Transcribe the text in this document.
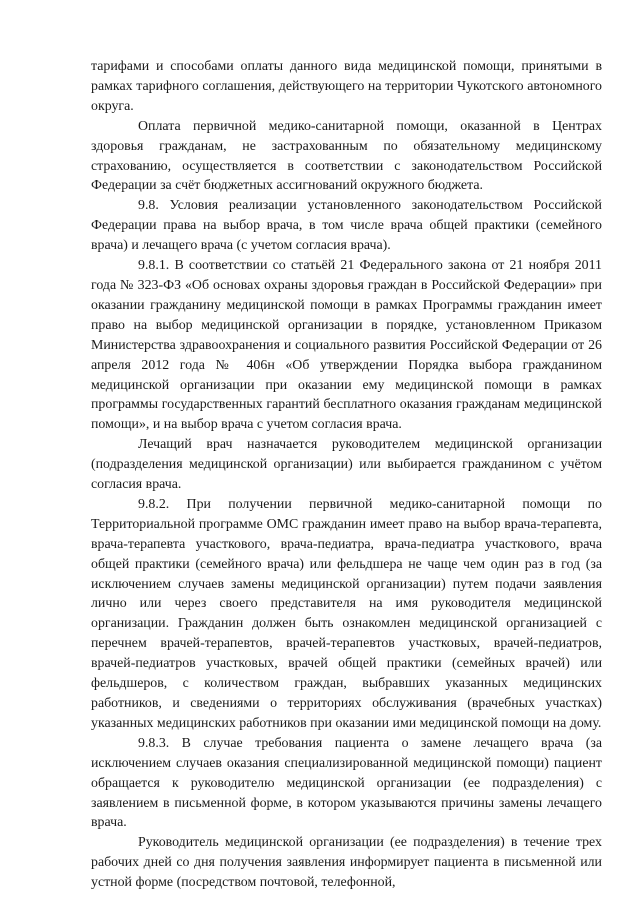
тарифами и способами оплаты данного вида медицинской помощи, принятыми в рамках тарифного соглашения, действующего на территории Чукотского автономного округа.

Оплата первичной медико-санитарной помощи, оказанной в Центрах здоровья гражданам, не застрахованным по обязательному медицинскому страхованию, осуществляется в соответствии с законодательством Российской Федерации за счёт бюджетных ассигнований окружного бюджета.

9.8. Условия реализации установленного законодательством Российской Федерации права на выбор врача, в том числе врача общей практики (семейного врача) и лечащего врача (с учетом согласия врача).

9.8.1. В соответствии со статьёй 21 Федерального закона от 21 ноября 2011 года № 323-ФЗ «Об основах охраны здоровья граждан в Российской Федерации» при оказании гражданину медицинской помощи в рамках Программы гражданин имеет право на выбор медицинской организации в порядке, установленном Приказом Министерства здравоохранения и социального развития Российской Федерации от 26 апреля 2012 года № 406н «Об утверждении Порядка выбора гражданином медицинской организации при оказании ему медицинской помощи в рамках программы государственных гарантий бесплатного оказания гражданам медицинской помощи», и на выбор врача с учетом согласия врача.

Лечащий врач назначается руководителем медицинской организации (подразделения медицинской организации) или выбирается гражданином с учётом согласия врача.

9.8.2. При получении первичной медико-санитарной помощи по Территориальной программе ОМС гражданин имеет право на выбор врача-терапевта, врача-терапевта участкового, врача-педиатра, врача-педиатра участкового, врача общей практики (семейного врача) или фельдшера не чаще чем один раз в год (за исключением случаев замены медицинской организации) путем подачи заявления лично или через своего представителя на имя руководителя медицинской организации. Гражданин должен быть ознакомлен медицинской организацией с перечнем врачей-терапевтов, врачей-терапевтов участковых, врачей-педиатров, врачей-педиатров участковых, врачей общей практики (семейных врачей) или фельдшеров, с количеством граждан, выбравших указанных медицинских работников, и сведениями о территориях обслуживания (врачебных участках) указанных медицинских работников при оказании ими медицинской помощи на дому.

9.8.3. В случае требования пациента о замене лечащего врача (за исключением случаев оказания специализированной медицинской помощи) пациент обращается к руководителю медицинской организации (ее подразделения) с заявлением в письменной форме, в котором указываются причины замены лечащего врача.

Руководитель медицинской организации (ее подразделения) в течение трех рабочих дней со дня получения заявления информирует пациента в письменной или устной форме (посредством почтовой, телефонной,
